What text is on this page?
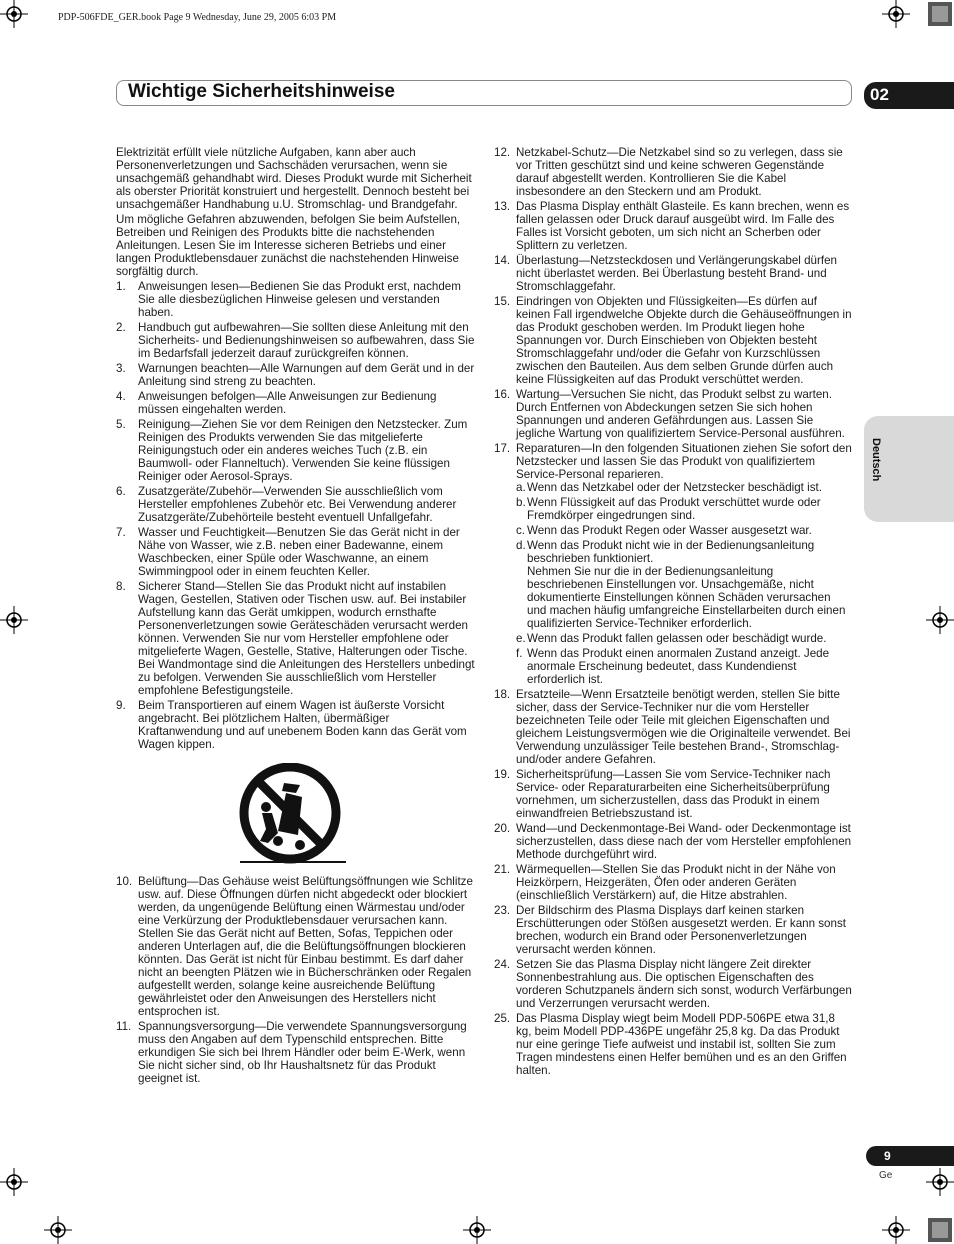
PDP-506FDE_GER.book Page 9 Wednesday, June 29, 2005 6:03 PM
Wichtige Sicherheitshinweise	02
Deutsch
9
Ge

Elektrizität erfüllt viele nützliche Aufgaben, kann aber auch Personenverletzungen und Sachschäden verursachen, wenn sie unsachgemäß gehandhabt wird. Dieses Produkt wurde mit Sicherheit als oberster Priorität konstruiert und hergestellt. Dennoch besteht bei unsachgemäßer Handhabung u.U. Stromschlag- und Brandgefahr.

Um mögliche Gefahren abzuwenden, befolgen Sie beim Aufstellen, Betreiben und Reinigen des Produkts bitte die nachstehenden Anleitungen. Lesen Sie im Interesse sicheren Betriebs und einer langen Produktlebensdauer zunächst die nachstehenden Hinweise sorgfältig durch.

1. Anweisungen lesen—Bedienen Sie das Produkt erst, nachdem Sie alle diesbezüglichen Hinweise gelesen und verstanden haben.
2. Handbuch gut aufbewahren—Sie sollten diese Anleitung mit den Sicherheits- und Bedienungshinweisen so aufbewahren, dass Sie im Bedarfsfall jederzeit darauf zurückgreifen können.
3. Warnungen beachten—Alle Warnungen auf dem Gerät und in der Anleitung sind streng zu beachten.
4. Anweisungen befolgen—Alle Anweisungen zur Bedienung müssen eingehalten werden.
5. Reinigung—Ziehen Sie vor dem Reinigen den Netzstecker. Zum Reinigen des Produkts verwenden Sie das mitgelieferte Reinigungstuch oder ein anderes weiches Tuch (z.B. ein Baumwoll- oder Flanneltuch). Verwenden Sie keine flüssigen Reiniger oder Aerosol-Sprays.
6. Zusatzgeräte/Zubehör—Verwenden Sie ausschließlich vom Hersteller empfohlenes Zubehör etc. Bei Verwendung anderer Zusatzgeräte/Zubehörteile besteht eventuell Unfallgefahr.
7. Wasser und Feuchtigkeit—Benutzen Sie das Gerät nicht in der Nähe von Wasser, wie z.B. neben einer Badewanne, einem Waschbecken, einer Spüle oder Waschwanne, an einem Swimmingpool oder in einem feuchten Keller.
8. Sicherer Stand—Stellen Sie das Produkt nicht auf instabilen Wagen, Gestellen, Stativen oder Tischen usw. auf. Bei instabiler Aufstellung kann das Gerät umkippen, wodurch ernsthafte Personenverletzungen sowie Geräteschäden verursacht werden können. Verwenden Sie nur vom Hersteller empfohlene oder mitgelieferte Wagen, Gestelle, Stative, Halterungen oder Tische. Bei Wandmontage sind die Anleitungen des Herstellers unbedingt zu befolgen. Verwenden Sie ausschließlich vom Hersteller empfohlene Befestigungsteile.
9. Beim Transportieren auf einem Wagen ist äußerste Vorsicht angebracht. Bei plötzlichem Halten, übermäßiger Kraftanwendung und auf unebenem Boden kann das Gerät vom Wagen kippen.
10. Belüftung—Das Gehäuse weist Belüftungsöffnungen wie Schlitze usw. auf. Diese Öffnungen dürfen nicht abgedeckt oder blockiert werden, da ungenügende Belüftung einen Wärmestau und/oder eine Verkürzung der Produktlebensdauer verursachen kann. Stellen Sie das Gerät nicht auf Betten, Sofas, Teppichen oder anderen Unterlagen auf, die die Belüftungsöffnungen blockieren könnten. Das Gerät ist nicht für Einbau bestimmt. Es darf daher nicht an beengten Plätzen wie in Bücherschränken oder Regalen aufgestellt werden, solange keine ausreichende Belüftung gewährleistet oder den Anweisungen des Herstellers nicht entsprochen ist.
11. Spannungsversorgung—Die verwendete Spannungsversorgung muss den Angaben auf dem Typenschild entsprechen. Bitte erkundigen Sie sich bei Ihrem Händler oder beim E-Werk, wenn Sie nicht sicher sind, ob Ihr Haushaltsnetz für das Produkt geeignet ist.
12. Netzkabel-Schutz—Die Netzkabel sind so zu verlegen, dass sie vor Tritten geschützt sind und keine schweren Gegenstände darauf abgestellt werden. Kontrollieren Sie die Kabel insbesondere an den Steckern und am Produkt.
13. Das Plasma Display enthält Glasteile. Es kann brechen, wenn es fallen gelassen oder Druck darauf ausgeübt wird. Im Falle des Falles ist Vorsicht geboten, um sich nicht an Scherben oder Splittern zu verletzen.
14. Überlastung—Netzsteckdosen und Verlängerungskabel dürfen nicht überlastet werden. Bei Überlastung besteht Brand- und Stromschlaggefahr.
15. Eindringen von Objekten und Flüssigkeiten—Es dürfen auf keinen Fall irgendwelche Objekte durch die Gehäuseöffnungen in das Produkt geschoben werden. Im Produkt liegen hohe Spannungen vor. Durch Einschieben von Objekten besteht Stromschlaggefahr und/oder die Gefahr von Kurzschlüssen zwischen den Bauteilen. Aus dem selben Grunde dürfen auch keine Flüssigkeiten auf das Produkt verschüttet werden.
16. Wartung—Versuchen Sie nicht, das Produkt selbst zu warten. Durch Entfernen von Abdeckungen setzen Sie sich hohen Spannungen und anderen Gefährdungen aus. Lassen Sie jegliche Wartung von qualifiziertem Service-Personal ausführen.
17. Reparaturen—In den folgenden Situationen ziehen Sie sofort den Netzstecker und lassen Sie das Produkt von qualifiziertem Service-Personal reparieren.
a. Wenn das Netzkabel oder der Netzstecker beschädigt ist.
b. Wenn Flüssigkeit auf das Produkt verschüttet wurde oder Fremdkörper eingedrungen sind.
c. Wenn das Produkt Regen oder Wasser ausgesetzt war.
d. Wenn das Produkt nicht wie in der Bedienungsanleitung beschrieben funktioniert.
Nehmen Sie nur die in der Bedienungsanleitung beschriebenen Einstellungen vor. Unsachgemäße, nicht dokumentierte Einstellungen können Schäden verursachen und machen häufig umfangreiche Einstellarbeiten durch einen qualifizierten Service-Techniker erforderlich.
e. Wenn das Produkt fallen gelassen oder beschädigt wurde.
f. Wenn das Produkt einen anormalen Zustand anzeigt. Jede anormale Erscheinung bedeutet, dass Kundendienst erforderlich ist.
18. Ersatzteile—Wenn Ersatzteile benötigt werden, stellen Sie bitte sicher, dass der Service-Techniker nur die vom Hersteller bezeichneten Teile oder Teile mit gleichen Eigenschaften und gleichem Leistungsvermögen wie die Originalteile verwendet. Bei Verwendung unzulässiger Teile bestehen Brand-, Stromschlag- und/oder andere Gefahren.
19. Sicherheitsprüfung—Lassen Sie vom Service-Techniker nach Service- oder Reparaturarbeiten eine Sicherheitsüberprüfung vornehmen, um sicherzustellen, dass das Produkt in einem einwandfreien Betriebszustand ist.
20. Wand—und Deckenmontage-Bei Wand- oder Deckenmontage ist sicherzustellen, dass diese nach der vom Hersteller empfohlenen Methode durchgeführt wird.
21. Wärmequellen—Stellen Sie das Produkt nicht in der Nähe von Heizkörpern, Heizgeräten, Öfen oder anderen Geräten (einschließlich Verstärkern) auf, die Hitze abstrahlen.
23. Der Bildschirm des Plasma Displays darf keinen starken Erschütterungen oder Stößen ausgesetzt werden. Er kann sonst brechen, wodurch ein Brand oder Personenverletzungen verursacht werden können.
24. Setzen Sie das Plasma Display nicht längere Zeit direkter Sonnenbestrahlung aus. Die optischen Eigenschaften des vorderen Schutzpanels ändern sich sonst, wodurch Verfärbungen und Verzerrungen verursacht werden.
25. Das Plasma Display wiegt beim Modell PDP-506PE etwa 31,8 kg, beim Modell PDP-436PE ungefähr 25,8 kg. Da das Produkt nur eine geringe Tiefe aufweist und instabil ist, sollten Sie zum Tragen mindestens einen Helfer bemühen und es an den Griffen halten.
